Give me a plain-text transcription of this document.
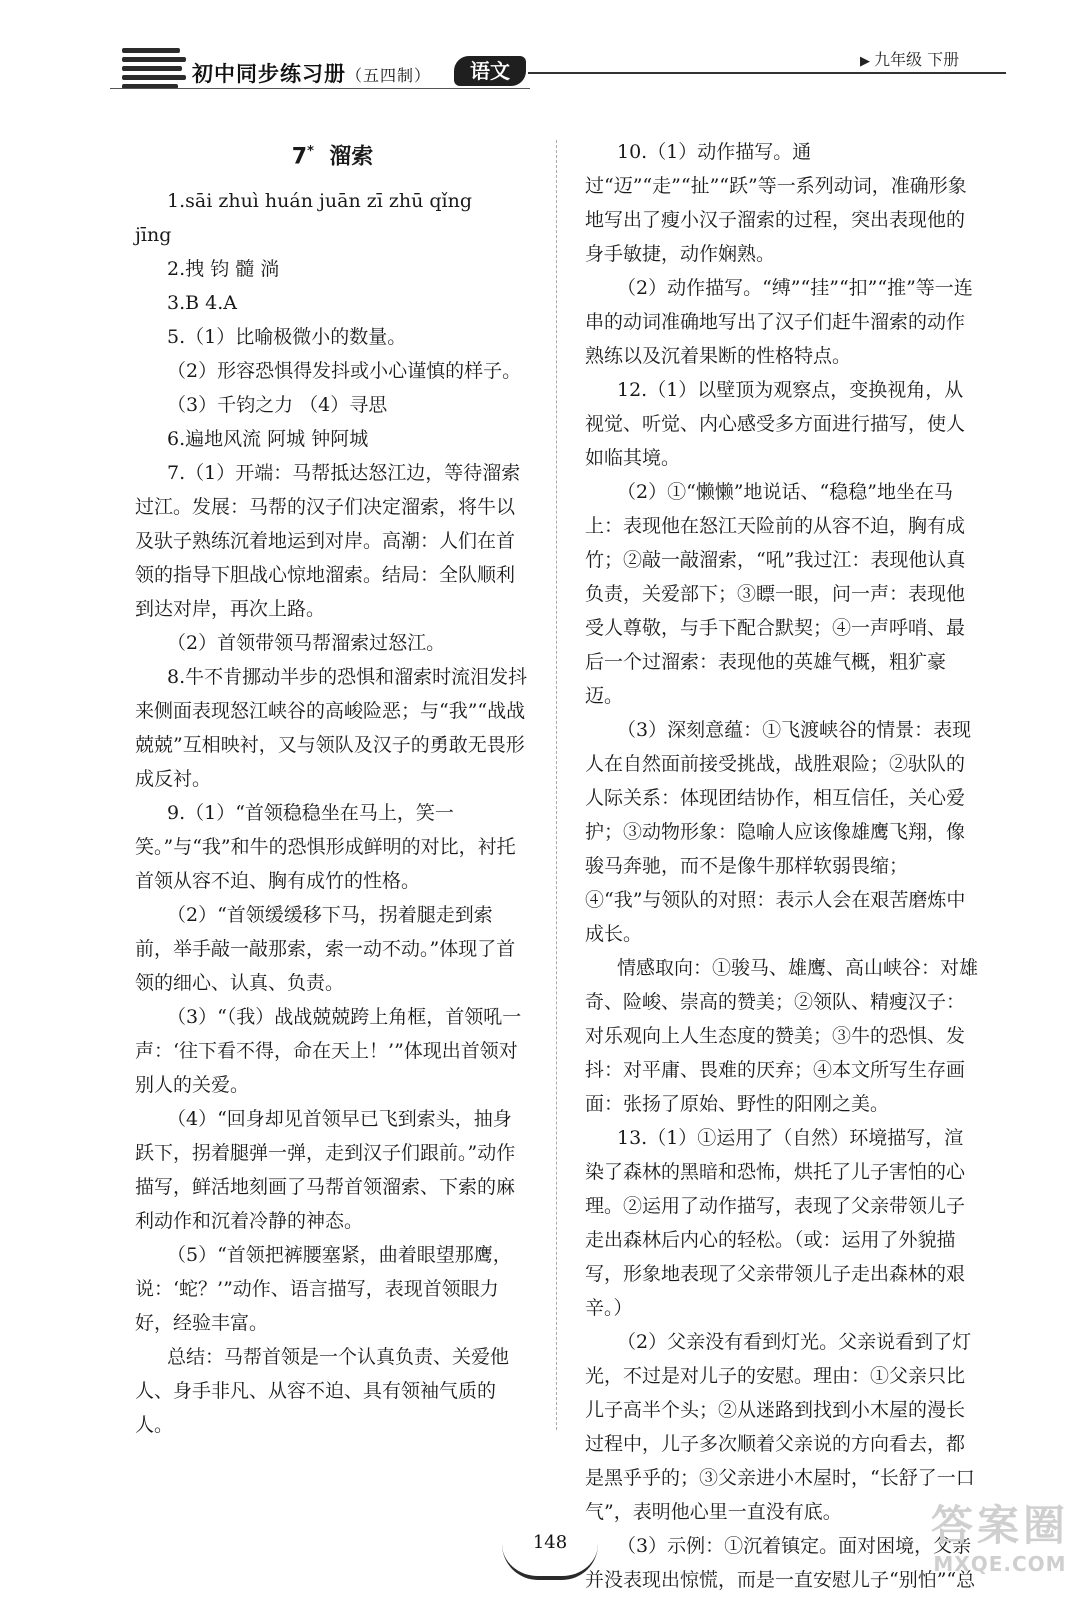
初中同步练习册（五四制）	语文	▶ 九年级 下册

7* 溜索

1.sāi zhuì huán juān zī zhū qǐng

jīng

2.拽 钧 髓 淌

3.B 4.A

5.（1）比喻极微小的数量。

（2）形容恐惧得发抖或小心谨慎的样子。

（3）千钧之力 （4）寻思

6.遍地风流 阿城 钟阿城

7.（1）开端：马帮抵达怒江边，等待溜索过江。发展：马帮的汉子们决定溜索，将牛以及驮子熟练沉着地运到对岸。高潮：人们在首领的指导下胆战心惊地溜索。结局：全队顺利到达对岸，再次上路。

（2）首领带领马帮溜索过怒江。

8.牛不肯挪动半步的恐惧和溜索时流泪发抖来侧面表现怒江峡谷的高峻险恶；与“我”“战战兢兢”互相映衬，又与领队及汉子的勇敢无畏形成反衬。

9.（1）“首领稳稳坐在马上，笑一笑。”与“我”和牛的恐惧形成鲜明的对比，衬托首领从容不迫、胸有成竹的性格。

（2）“首领缓缓移下马，拐着腿走到索前，举手敲一敲那索，索一动不动。”体现了首领的细心、认真、负责。

（3）“（我）战战兢兢跨上角框，首领吼一声：‘往下看不得，命在天上！’”体现出首领对别人的关爱。

（4）“回身却见首领早已飞到索头，抽身跃下，拐着腿弹一弹，走到汉子们跟前。”动作描写，鲜活地刻画了马帮首领溜索、下索的麻利动作和沉着冷静的神态。

（5）“首领把裤腰塞紧，曲着眼望那鹰，说：‘蛇？’”动作、语言描写，表现首领眼力好，经验丰富。

总结：马帮首领是一个认真负责、关爱他人、身手非凡、从容不迫、具有领袖气质的人。

10.（1）动作描写。通过“迈”“走”“扯”“跃”等一系列动词，准确形象地写出了瘦小汉子溜索的过程，突出表现他的身手敏捷，动作娴熟。

（2）动作描写。“缚”“挂”“扣”“推”等一连串的动词准确地写出了汉子们赶牛溜索的动作熟练以及沉着果断的性格特点。

12.（1）以壁顶为观察点，变换视角，从视觉、听觉、内心感受多方面进行描写，使人如临其境。

（2）①“懒懒”地说话、“稳稳”地坐在马上：表现他在怒江天险前的从容不迫，胸有成竹；②敲一敲溜索，“吼”我过江：表现他认真负责，关爱部下；③瞟一眼，问一声：表现他受人尊敬，与手下配合默契；④一声呼哨、最后一个过溜索：表现他的英雄气概，粗犷豪迈。

（3）深刻意蕴：①飞渡峡谷的情景：表现人在自然面前接受挑战，战胜艰险；②驮队的人际关系：体现团结协作，相互信任，关心爱护；③动物形象：隐喻人应该像雄鹰飞翔，像骏马奔驰，而不是像牛那样软弱畏缩；④“我”与领队的对照：表示人会在艰苦磨炼中成长。

情感取向：①骏马、雄鹰、高山峡谷：对雄奇、险峻、崇高的赞美；②领队、精瘦汉子：对乐观向上人生态度的赞美；③牛的恐惧、发抖：对平庸、畏难的厌弃；④本文所写生存画面：张扬了原始、野性的阳刚之美。

13.（1）①运用了（自然）环境描写，渲染了森林的黑暗和恐怖，烘托了儿子害怕的心理。②运用了动作描写，表现了父亲带领儿子走出森林后内心的轻松。（或：运用了外貌描写，形象地表现了父亲带领儿子走出森林的艰辛。）

（2）父亲没有看到灯光。父亲说看到了灯光，不过是对儿子的安慰。理由：①父亲只比儿子高半个头；②从迷路到找到小木屋的漫长过程中，儿子多次顺着父亲说的方向看去，都是黑乎乎的；③父亲进小木屋时，“长舒了一口气”，表明他心里一直没有底。

（3）示例：①沉着镇定。面对困境，父亲并没表现出惊慌，而是一直安慰儿子“别怕”“总

148	答案圈
MXQE.COM
